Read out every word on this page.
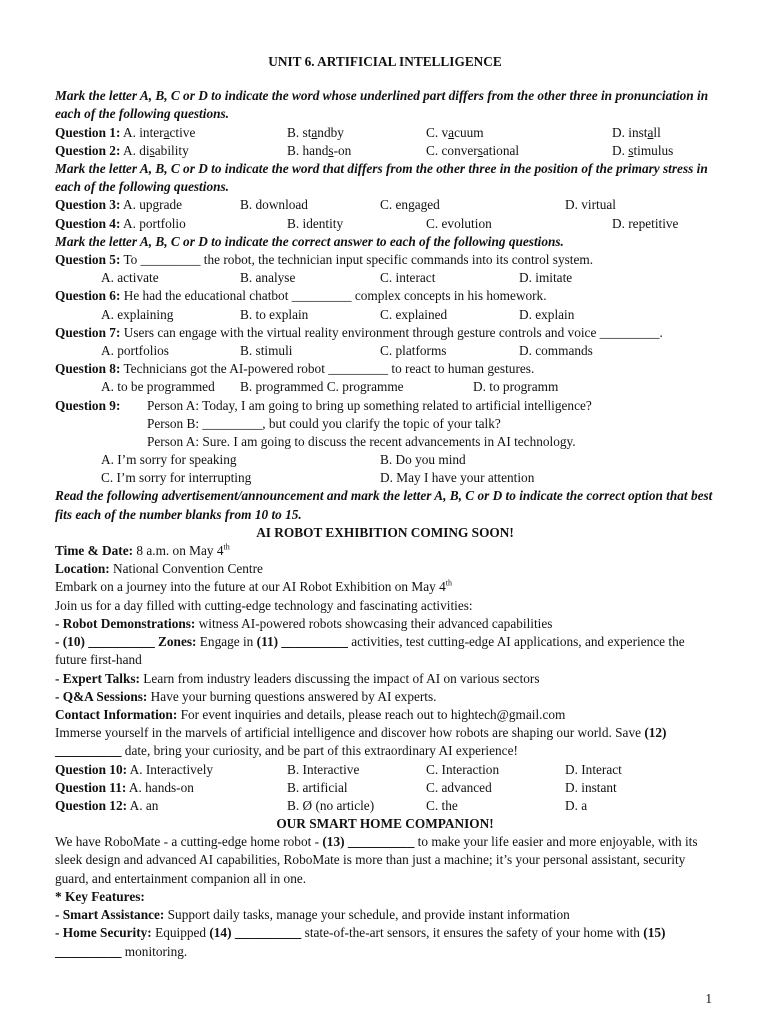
UNIT 6. ARTIFICIAL INTELLIGENCE
Mark the letter A, B, C or D to indicate the word whose underlined part differs from the other three in pronunciation in each of the following questions.
Question 1: A. interactive	B. standby	C. vacuum	D. install
Question 2: A. disability	B. hands-on	C. conversational	D. stimulus
Mark the letter A, B, C or D to indicate the word that differs from the other three in the position of the primary stress in each of the following questions.
Question 3: A. upgrade	B. download	C. engaged	D. virtual
Question 4: A. portfolio	B. identity	C. evolution	D. repetitive
Mark the letter A, B, C or D to indicate the correct answer to each of the following questions.
Question 5: To _________ the robot, the technician input specific commands into its control system.
A. activate	B. analyse	C. interact	D. imitate
Question 6: He had the educational chatbot _________ complex concepts in his homework.
A. explaining	B. to explain	C. explained	D. explain
Question 7: Users can engage with the virtual reality environment through gesture controls and voice _________.
A. portfolios	B. stimuli	C. platforms	D. commands
Question 8: Technicians got the AI-powered robot _________ to react to human gestures.
A. to be programmed B. programmed C. programme	D. to programm
Question 9: Person A: Today, I am going to bring up something related to artificial intelligence?
Person B: _________, but could you clarify the topic of your talk?
Person A: Sure. I am going to discuss the recent advancements in AI technology.
A. I’m sorry for speaking	B. Do you mind
C. I’m sorry for interrupting	D. May I have your attention
Read the following advertisement/announcement and mark the letter A, B, C or D to indicate the correct option that best fits each of the number blanks from 10 to 15.
AI ROBOT EXHIBITION COMING SOON!
Time & Date: 8 a.m. on May 4th
Location: National Convention Centre
Embark on a journey into the future at our AI Robot Exhibition on May 4th
Join us for a day filled with cutting-edge technology and fascinating activities:
- Robot Demonstrations: witness AI-powered robots showcasing their advanced capabilities
- (10) __________ Zones: Engage in (11) __________ activities, test cutting-edge AI applications, and experience the future first-hand
- Expert Talks: Learn from industry leaders discussing the impact of AI on various sectors
- Q&A Sessions: Have your burning questions answered by AI experts.
Contact Information: For event inquiries and details, please reach out to hightech@gmail.com
Immerse yourself in the marvels of artificial intelligence and discover how robots are shaping our world. Save (12) __________ date, bring your curiosity, and be part of this extraordinary AI experience!
Question 10: A. Interactively	B. Interactive	C. Interaction	D. Interact
Question 11: A. hands-on	B. artificial	C. advanced	D. instant
Question 12: A. an	B. Ø (no article)	C. the	D. a
OUR SMART HOME COMPANION!
We have RoboMate - a cutting-edge home robot - (13) __________ to make your life easier and more enjoyable, with its sleek design and advanced AI capabilities, RoboMate is more than just a machine; it’s your personal assistant, security guard, and entertainment companion all in one.
* Key Features:
- Smart Assistance: Support daily tasks, manage your schedule, and provide instant information
- Home Security: Equipped (14) __________ state-of-the-art sensors, it ensures the safety of your home with (15) __________ monitoring.
1
